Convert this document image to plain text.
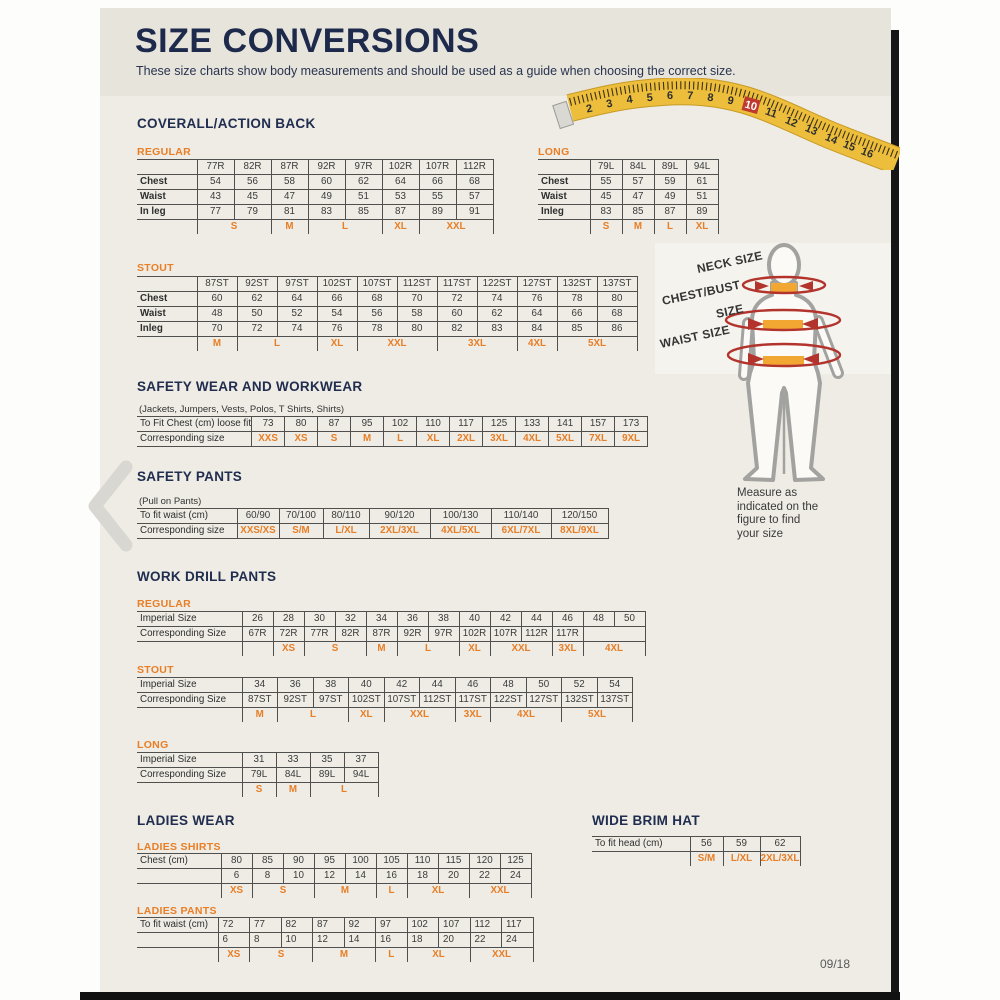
SIZE CONVERSIONS
These size charts show body measurements and should be used as a guide when choosing the correct size.
2 3 4 5 6 7 8 9 10 11
12
13
14 15 16
COVERALL/ACTION BACK
REGULAR
	77R	82R	87R	92R	97R	102R	107R	112R
Chest	54	56	58	60	62	64	66	68
Waist	43	45	47	49	51	53	55	57
In leg	77	79	81	83	85	87	89	91
	S		M	L		XL	XXL	
LONG
	79L	84L	89L	94L
Chest	55	57	59	61
Waist	45	47	49	51
Inleg	83	85	87	89
	S	M	L	XL
STOUT
	87ST	92ST	97ST	102ST	107ST	112ST	117ST	122ST	127ST	132ST	137ST
Chest	60	62	64	66	68	70	72	74	76	78	80
Waist	48	50	52	54	56	58	60	62	64	66	68
Inleg	70	72	74	76	78	80	82	83	84	85	86
	M	L		XL	XXL		3XL		4XL	5XL	
SAFETY WEAR AND WORKWEAR
(Jackets, Jumpers, Vests, Polos, T Shirts, Shirts)
To Fit Chest (cm) loose fit	73	80	87	95	102	110	117	125	133	141	157	173
Corresponding size	XXS	XS	S	M	L	XL	2XL	3XL	4XL	5XL	7XL	9XL
SAFETY PANTS
(Pull on Pants)
To fit waist (cm)	60/90	70/100	80/110	90/120	100/130	110/140	120/150
Corresponding size	XXS/XS	S/M	L/XL	2XL/3XL	4XL/5XL	6XL/7XL	8XL/9XL
WORK DRILL PANTS
REGULAR
Imperial Size	26	28	30	32	34	36	38	40	42	44	46	48	50
Corresponding Size	67R	72R	77R	82R	87R	92R	97R	102R	107R	112R	117R		
		XS	S		M	L		XL	XXL		3XL	4XL	
STOUT
Imperial Size	34	36	38	40	42	44	46	48	50	52	54
Corresponding Size	87ST	92ST	97ST	102ST	107ST	112ST	117ST	122ST	127ST	132ST	137ST
	M	L		XL	XXL		3XL	4XL		5XL	
LONG
Imperial Size	31	33	35	37
Corresponding Size	79L	84L	89L	94L
	S	M	L	
LADIES WEAR
LADIES SHIRTS
Chest (cm)	80	85	90	95	100	105	110	115	120	125
	6	8	10	12	14	16	18	20	22	24
	XS	S		M		L	XL		XXL	
LADIES PANTS
To fit waist (cm)	72	77	82	87	92	97	102	107	112	117
	6	8	10	12	14	16	18	20	22	24
	XS	S		M		L	XL		XXL	
WIDE BRIM HAT
To fit head (cm)	56	59	62
	S/M	L/XL	2XL/3XL
NECK SIZE
CHEST/BUST
SIZE
WAIST SIZE
Measure as indicated on the figure to find your size
09/18
